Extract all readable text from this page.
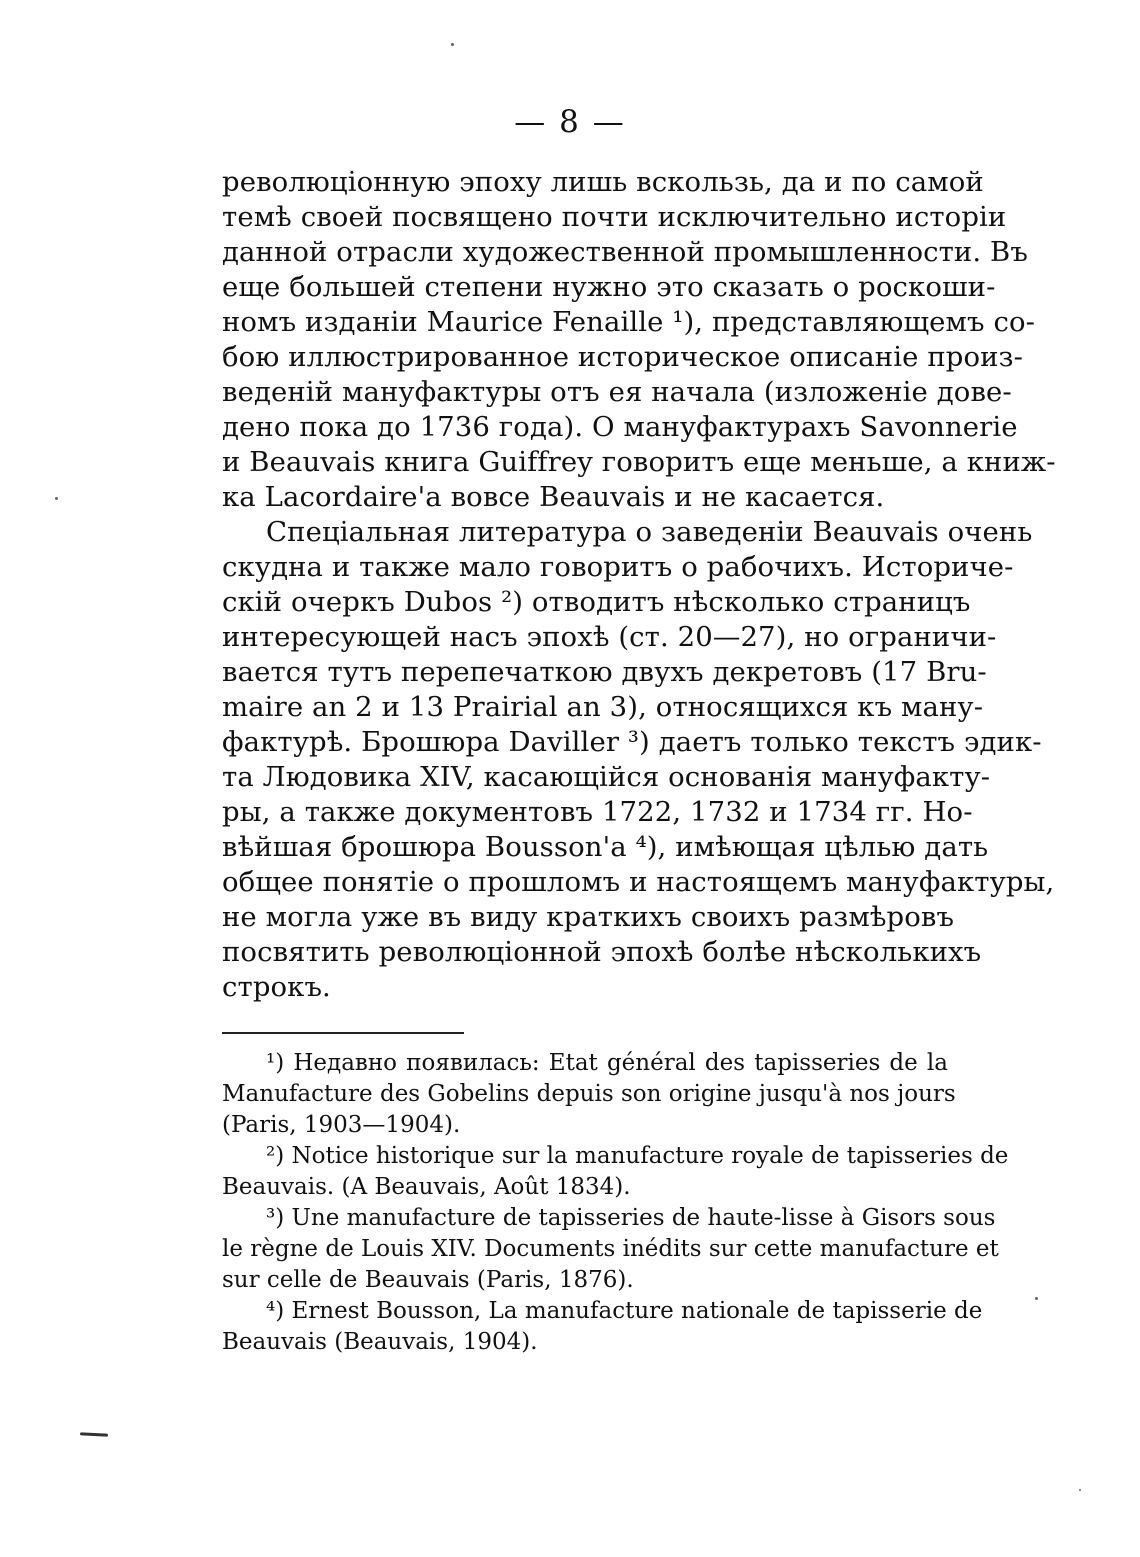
— 8 —
революціонную эпоху лишь вскользь, да и по самой
темѣ своей посвящено почти исключительно исторіи
данной отрасли художественной промышленности. Въ
еще большей степени нужно это сказать о роскоши-
номъ изданіи Maurice Fenaille ¹), представляющемъ со-
бою иллюстрированное историческое описаніе произ-
веденій мануфактуры отъ ея начала (изложеніе дове-
дено пока до 1736 года). О мануфактурахъ Savonnerie
и Beauvais книга Guiffrey говоритъ еще меньше, а книж-
ка Lacordaire'а вовсе Beauvais и не касается.
Спеціальная литература о заведеніи Beauvais очень
скудна и также мало говоритъ о рабочихъ. Историче-
скій очеркъ Dubos ²) отводитъ нѣсколько страницъ
интересующей насъ эпохѣ (ст. 20—27), но ограничи-
вается тутъ перепечаткою двухъ декретовъ (17 Bru-
maire an 2 и 13 Prairial an 3), относящихся къ ману-
фактурѣ. Брошюра Daviller ³) даетъ только текстъ эдик-
та Людовика XIV, касающійся основанія мануфакту-
ры, а также документовъ 1722, 1732 и 1734 гг. Но-
вѣйшая брошюра Bousson'а ⁴), имѣющая цѣлью дать
общее понятіе о прошломъ и настоящемъ мануфактуры,
не могла уже въ виду краткихъ своихъ размѣровъ
посвятить революціонной эпохѣ болѣе нѣсколькихъ
строкъ.
¹) Недавно появилась: Etat général des tapisseries de la
Manufacture des Gobelins depuis son origine jusqu'à nos jours
(Paris, 1903—1904).
²) Notice historique sur la manufacture royale de tapisseries de
Beauvais. (A Beauvais, Août 1834).
³) Une manufacture de tapisseries de haute-lisse à Gisors sous
le règne de Louis XIV. Documents inédits sur cette manufacture et
sur celle de Beauvais (Paris, 1876).
⁴) Ernest Bousson, La manufacture nationale de tapisserie de
Beauvais (Beauvais, 1904).
